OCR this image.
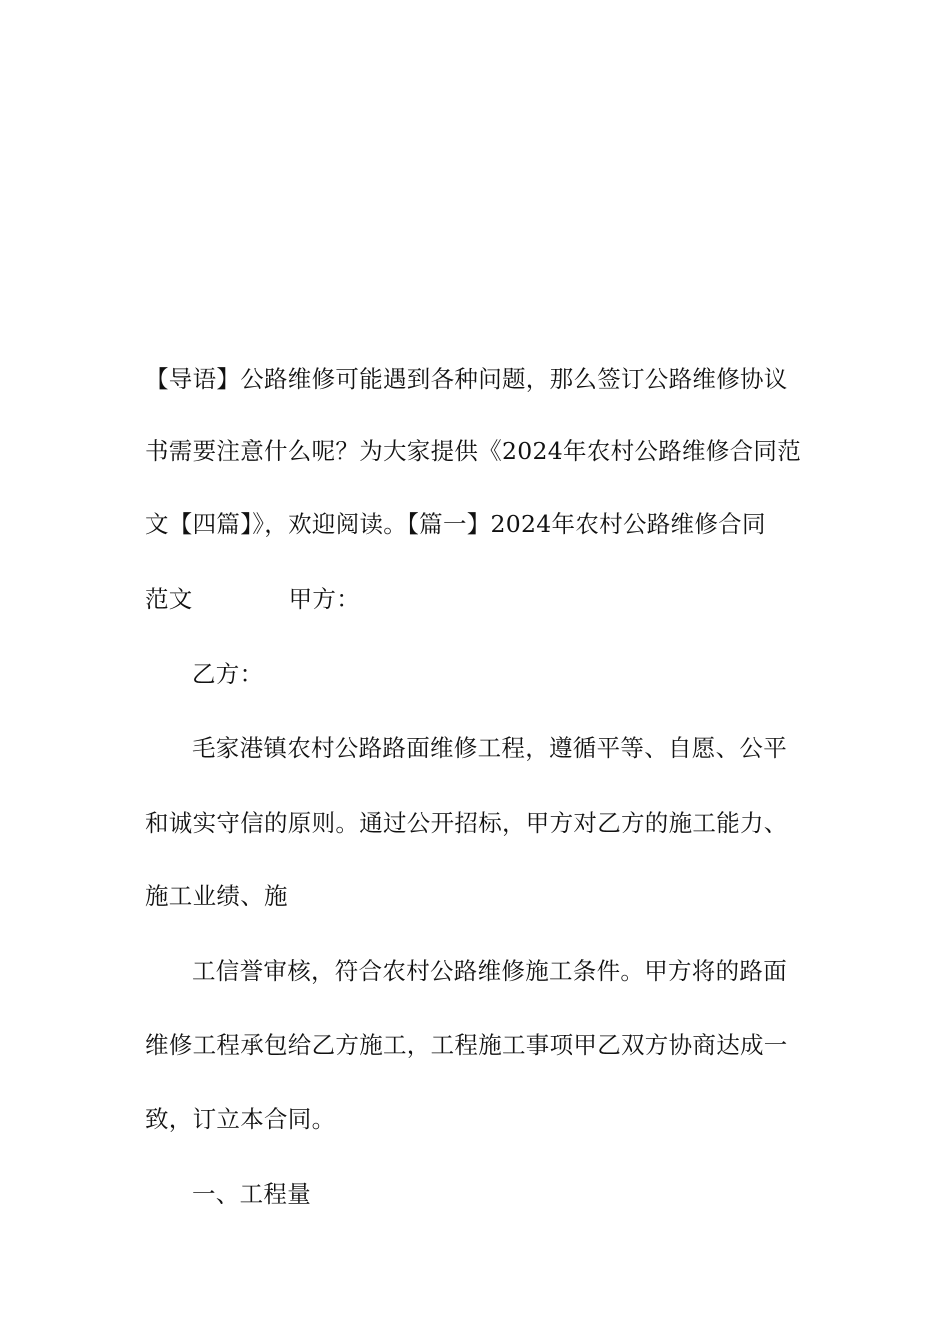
【导语】公路维修可能遇到各种问题，那么签订公路维修协议
书需要注意什么呢？为大家提供《2024年农村公路维修合同范
文【四篇】》，欢迎阅读。【篇一】2024年农村公路维修合同
范文	甲方：
乙方：
毛家港镇农村公路路面维修工程，遵循平等、自愿、公平
和诚实守信的原则。通过公开招标，甲方对乙方的施工能力、
施工业绩、施
工信誉审核，符合农村公路维修施工条件。甲方将的路面
维修工程承包给乙方施工，工程施工事项甲乙双方协商达成一
致，订立本合同。
一、工程量
